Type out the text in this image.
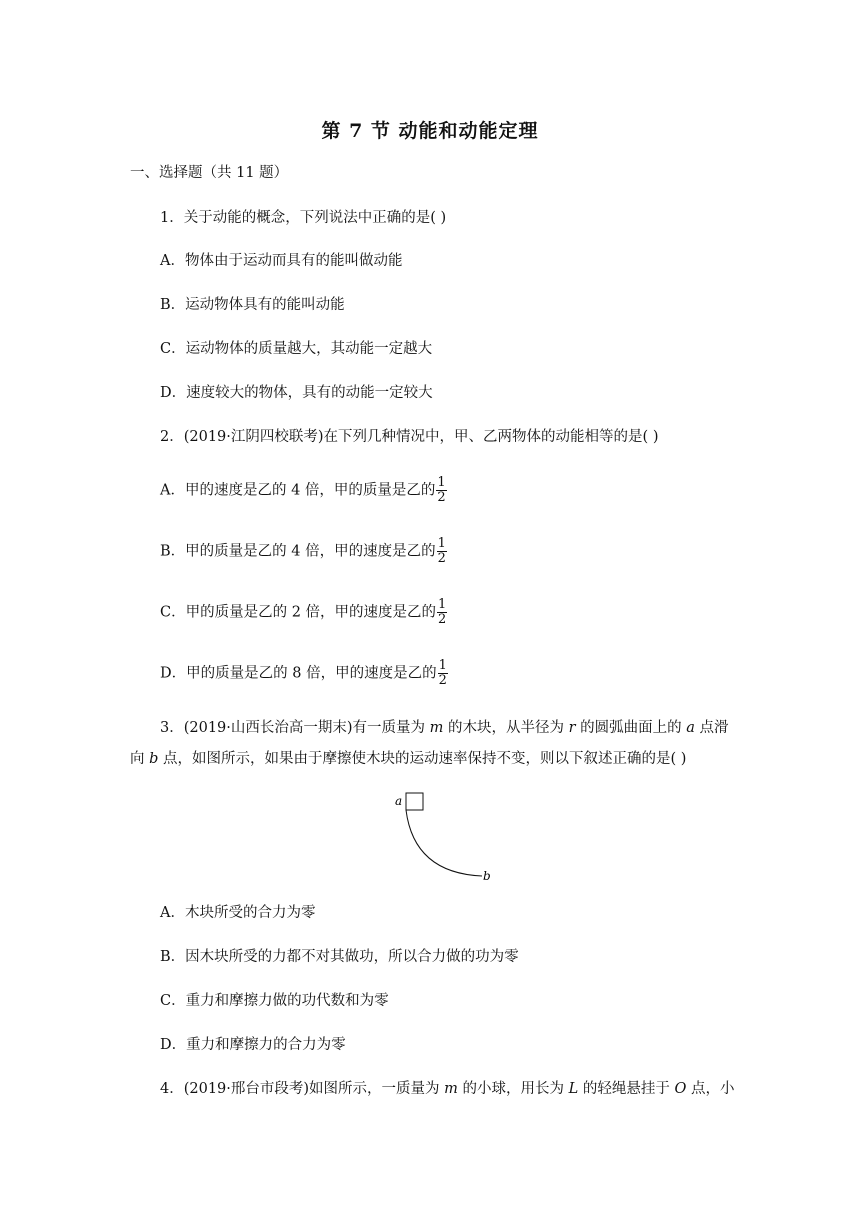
第 7 节 动能和动能定理
一、选择题（共 11 题）
1．关于动能的概念，下列说法中正确的是( )
A．物体由于运动而具有的能叫做动能
B．运动物体具有的能叫动能
C．运动物体的质量越大，其动能一定越大
D．速度较大的物体，具有的动能一定较大
2．(2019·江阴四校联考)在下列几种情况中，甲、乙两物体的动能相等的是( )
A．甲的速度是乙的 4 倍，甲的质量是乙的 $\frac{1}{2}$
B．甲的质量是乙的 4 倍，甲的速度是乙的 $\frac{1}{2}$
C．甲的质量是乙的 2 倍，甲的速度是乙的 $\frac{1}{2}$
D．甲的质量是乙的 8 倍，甲的速度是乙的 $\frac{1}{2}$
3．(2019·山西长治高一期末)有一质量为 m 的木块，从半径为 r 的圆弧曲面上的 a 点滑
向 b 点，如图所示，如果由于摩擦使木块的运动速率保持不变，则以下叙述正确的是( )
a
b
A．木块所受的合力为零
B．因木块所受的力都不对其做功，所以合力做的功为零
C．重力和摩擦力做的功代数和为零
D．重力和摩擦力的合力为零
4．(2019·邢台市段考)如图所示，一质量为 m 的小球，用长为 L 的轻绳悬挂于 O 点，小
